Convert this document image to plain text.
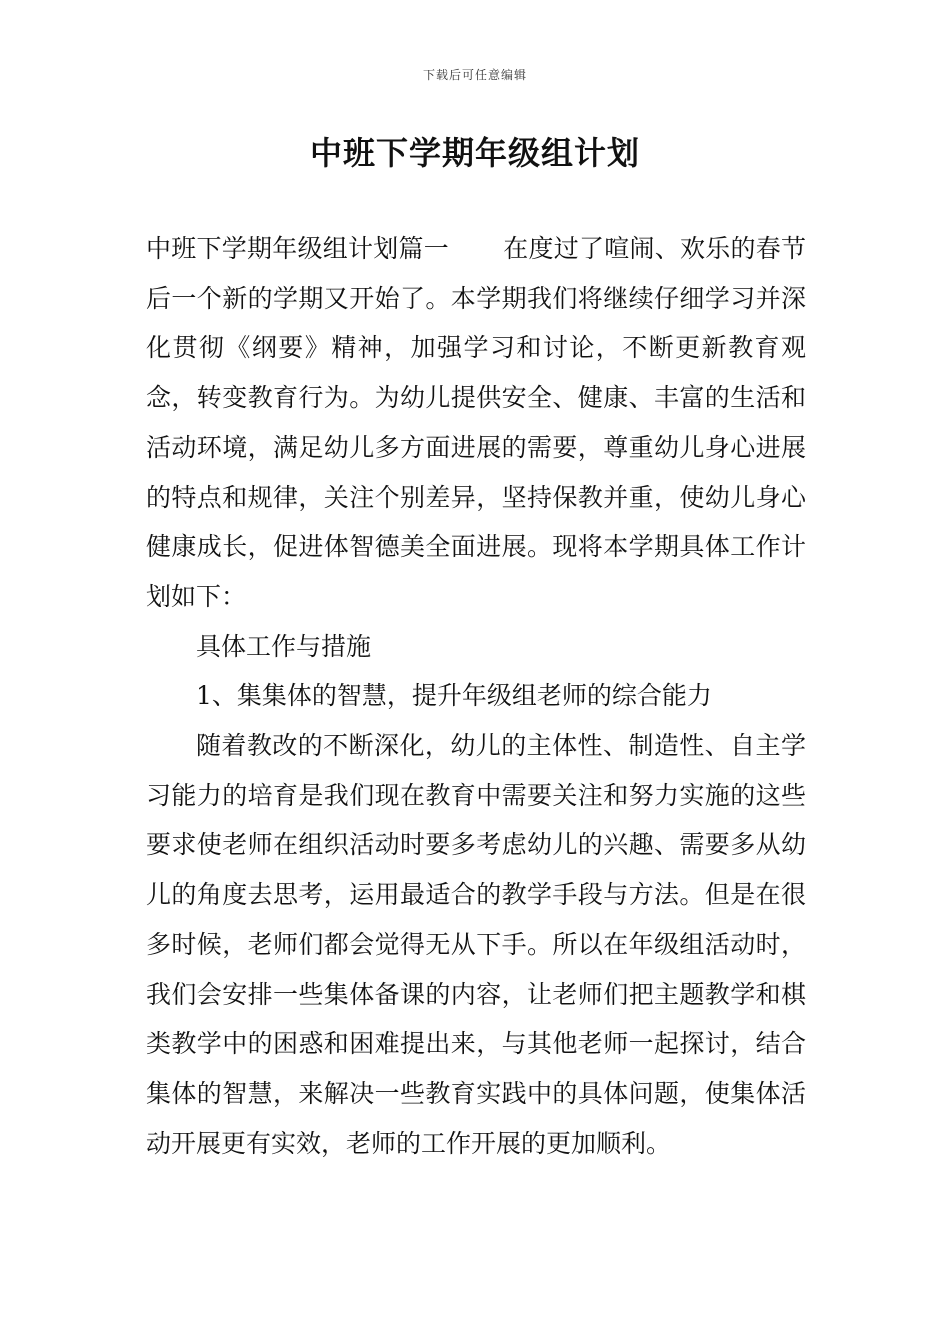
下载后可任意编辑
中班下学期年级组计划

中班下学期年级组计划篇一 在度过了喧闹、欢乐的春节后一个新的学期又开始了。本学期我们将继续仔细学习并深化贯彻《纲要》精神，加强学习和讨论，不断更新教育观念，转变教育行为。为幼儿提供安全、健康、丰富的生活和活动环境，满足幼儿多方面进展的需要，尊重幼儿身心进展的特点和规律，关注个别差异，坚持保教并重，使幼儿身心健康成长，促进体智德美全面进展。现将本学期具体工作计划如下：

具体工作与措施

1、集集体的智慧，提升年级组老师的综合能力

随着教改的不断深化，幼儿的主体性、制造性、自主学习能力的培育是我们现在教育中需要关注和努力实施的这些要求使老师在组织活动时要多考虑幼儿的兴趣、需要多从幼儿的角度去思考，运用最适合的教学手段与方法。但是在很多时候，老师们都会觉得无从下手。所以在年级组活动时，我们会安排一些集体备课的内容，让老师们把主题教学和棋类教学中的困惑和困难提出来，与其他老师一起探讨，结合集体的智慧，来解决一些教育实践中的具体问题，使集体活动开展更有实效，老师的工作开展的更加顺利。
